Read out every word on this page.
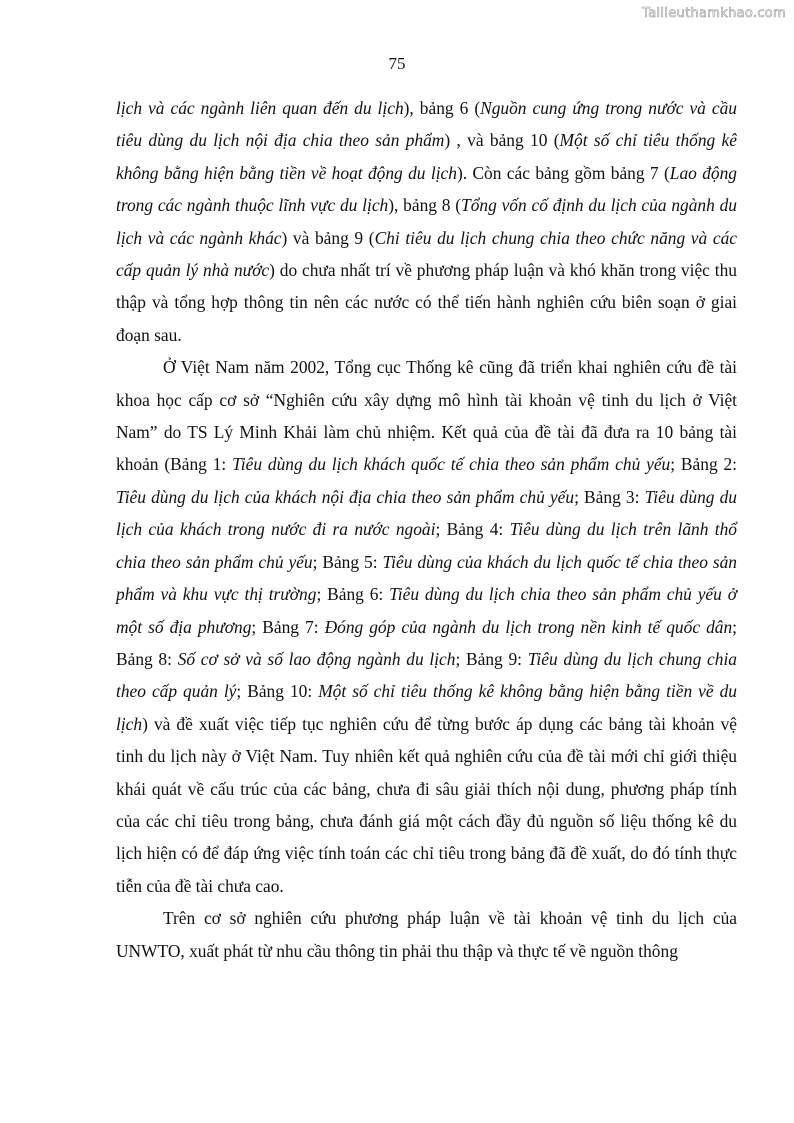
Tailieuthamkhao.com
75

lịch và các ngành liên quan đến du lịch), bảng 6 (Nguồn cung ứng trong nước và cầu tiêu dùng du lịch nội địa chia theo sản phẩm) , và bảng 10 (Một số chỉ tiêu thống kê không bằng hiện bằng tiền về hoạt động du lịch). Còn các bảng gồm bảng 7 (Lao động trong các ngành thuộc lĩnh vực du lịch), bảng 8 (Tổng vốn cố định du lịch của ngành du lịch và các ngành khác) và bảng 9 (Chi tiêu du lịch chung chia theo chức năng và các cấp quản lý nhà nước) do chưa nhất trí về phương pháp luận và khó khăn trong việc thu thập và tổng hợp thông tin nên các nước có thể tiến hành nghiên cứu biên soạn ở giai đoạn sau.

Ở Việt Nam năm 2002, Tổng cục Thống kê cũng đã triển khai nghiên cứu đề tài khoa học cấp cơ sở “Nghiên cứu xây dựng mô hình tài khoản vệ tinh du lịch ở Việt Nam” do TS Lý Minh Khải làm chủ nhiệm. Kết quả của đề tài đã đưa ra 10 bảng tài khoản (Bảng 1: Tiêu dùng du lịch khách quốc tế chia theo sản phẩm chủ yếu; Bảng 2: Tiêu dùng du lịch của khách nội địa chia theo sản phẩm chủ yếu; Bảng 3: Tiêu dùng du lịch của khách trong nước đi ra nước ngoài; Bảng 4: Tiêu dùng du lịch trên lãnh thổ chia theo sản phẩm chủ yếu; Bảng 5: Tiêu dùng của khách du lịch quốc tế chia theo sản phẩm và khu vực thị trường; Bảng 6: Tiêu dùng du lịch chia theo sản phẩm chủ yếu ở một số địa phương; Bảng 7: Đóng góp của ngành du lịch trong nền kinh tế quốc dân; Bảng 8: Số cơ sở và số lao động ngành du lịch; Bảng 9: Tiêu dùng du lịch chung chia theo cấp quản lý; Bảng 10: Một số chỉ tiêu thống kê không bằng hiện bằng tiền về du lịch) và đề xuất việc tiếp tục nghiên cứu để từng bước áp dụng các bảng tài khoản vệ tinh du lịch này ở Việt Nam. Tuy nhiên kết quả nghiên cứu của đề tài mới chỉ giới thiệu khái quát về cấu trúc của các bảng, chưa đi sâu giải thích nội dung, phương pháp tính của các chỉ tiêu trong bảng, chưa đánh giá một cách đầy đủ nguồn số liệu thống kê du lịch hiện có để đáp ứng việc tính toán các chỉ tiêu trong bảng đã đề xuất, do đó tính thực tiễn của đề tài chưa cao.

Trên cơ sở nghiên cứu phương pháp luận về tài khoản vệ tinh du lịch của UNWTO, xuất phát từ nhu cầu thông tin phải thu thập và thực tế về nguồn thông
